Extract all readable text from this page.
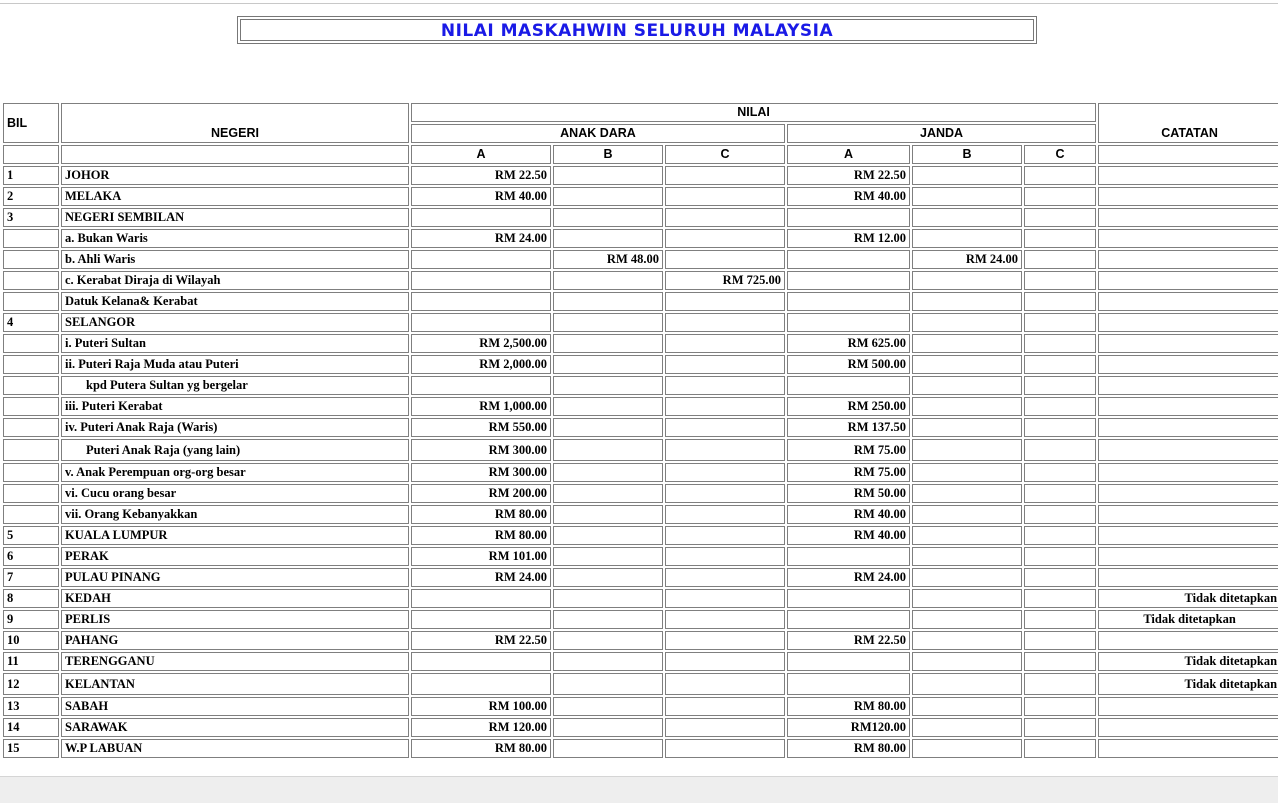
NILAI MASKAHWIN SELURUH MALAYSIA
BIL	NEGERI	NILAI						CATATAN
		ANAK DARA			JANDA			
		A	B	C	A	B	C	
1	JOHOR	RM 22.50			RM 22.50			
2	MELAKA	RM 40.00			RM 40.00			
3	NEGERI SEMBILAN							
	a. Bukan Waris	RM 24.00			RM 12.00			
	b. Ahli Waris		RM 48.00			RM 24.00		
	c. Kerabat Diraja di Wilayah			RM 725.00				
	Datuk Kelana& Kerabat							
4	SELANGOR							
	i. Puteri Sultan	RM 2,500.00			RM 625.00			
	ii. Puteri Raja Muda atau Puteri	RM 2,000.00			RM 500.00			
	kpd Putera Sultan yg bergelar							
	iii. Puteri Kerabat	RM 1,000.00			RM 250.00			
	iv. Puteri Anak Raja (Waris)	RM 550.00			RM 137.50			
	Puteri Anak Raja (yang lain)	RM 300.00			RM 75.00			
	v. Anak Perempuan org-org besar	RM 300.00			RM 75.00			
	vi. Cucu orang besar	RM 200.00			RM 50.00			
	vii. Orang Kebanyakkan	RM 80.00			RM 40.00			
5	KUALA LUMPUR	RM 80.00			RM 40.00			
6	PERAK	RM 101.00						
7	PULAU PINANG	RM 24.00			RM 24.00			
8	KEDAH							Tidak ditetapkan
9	PERLIS							Tidak ditetapkan
10	PAHANG	RM 22.50			RM 22.50			
11	TERENGGANU							Tidak ditetapkan
12	KELANTAN							Tidak ditetapkan
13	SABAH	RM 100.00			RM 80.00			
14	SARAWAK	RM 120.00			RM120.00			
15	W.P LABUAN	RM 80.00			RM 80.00			
